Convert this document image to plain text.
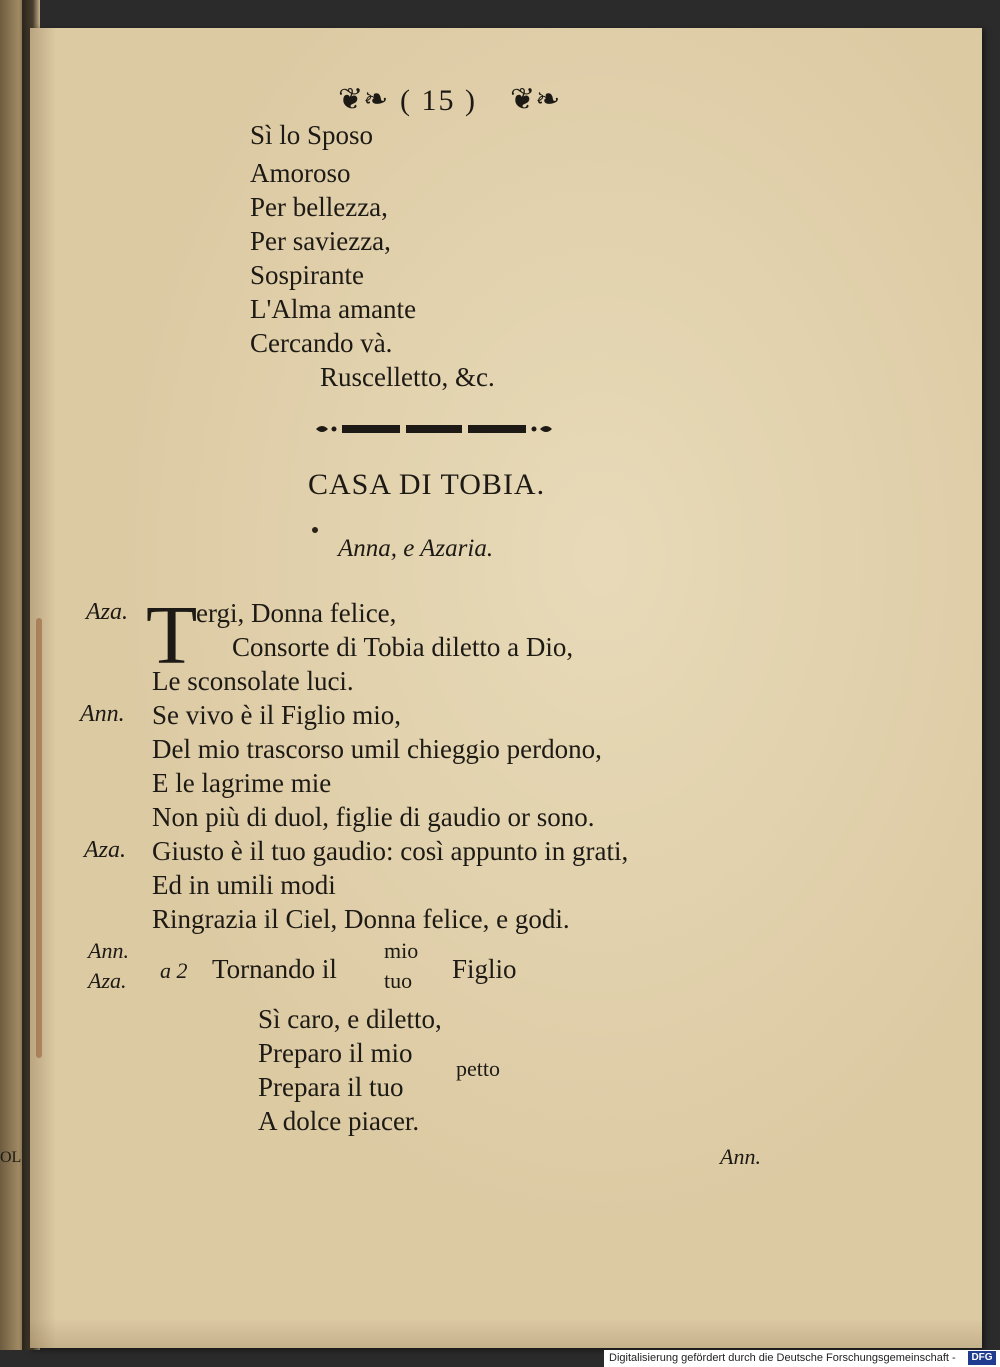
OL
❦❧ ( 15 ) ❦❧
Sì lo Sposo
Amoroso
Per bellezza,
Per saviezza,
Sospirante
L'Alma amante
Cercando và.
Ruscelletto, &c.
CASA DI TOBIA.
Anna, e Azaria.
T
Aza.	ergi, Donna felice,
Consorte di Tobia diletto a Dio,
Le sconsolate luci.
Ann. Se vivo è il Figlio mio,
Del mio trascorso umil chieggio perdono,
E le lagrime mie
Non più di duol, figlie di gaudio or sono.
Aza. Giusto è il tuo gaudio: così appunto in grati,
Ed in umili modi
Ringrazia il Ciel, Donna felice, e godi.
Ann.
Aza. a 2 Tornando il
mio
tuo Figlio
Sì caro, e diletto,
Preparo il mio
Prepara il tuo
petto
A dolce piacer.
Ann.
Digitalisierung gefördert durch die Deutsche Forschungsgemeinschaft -	DFG
